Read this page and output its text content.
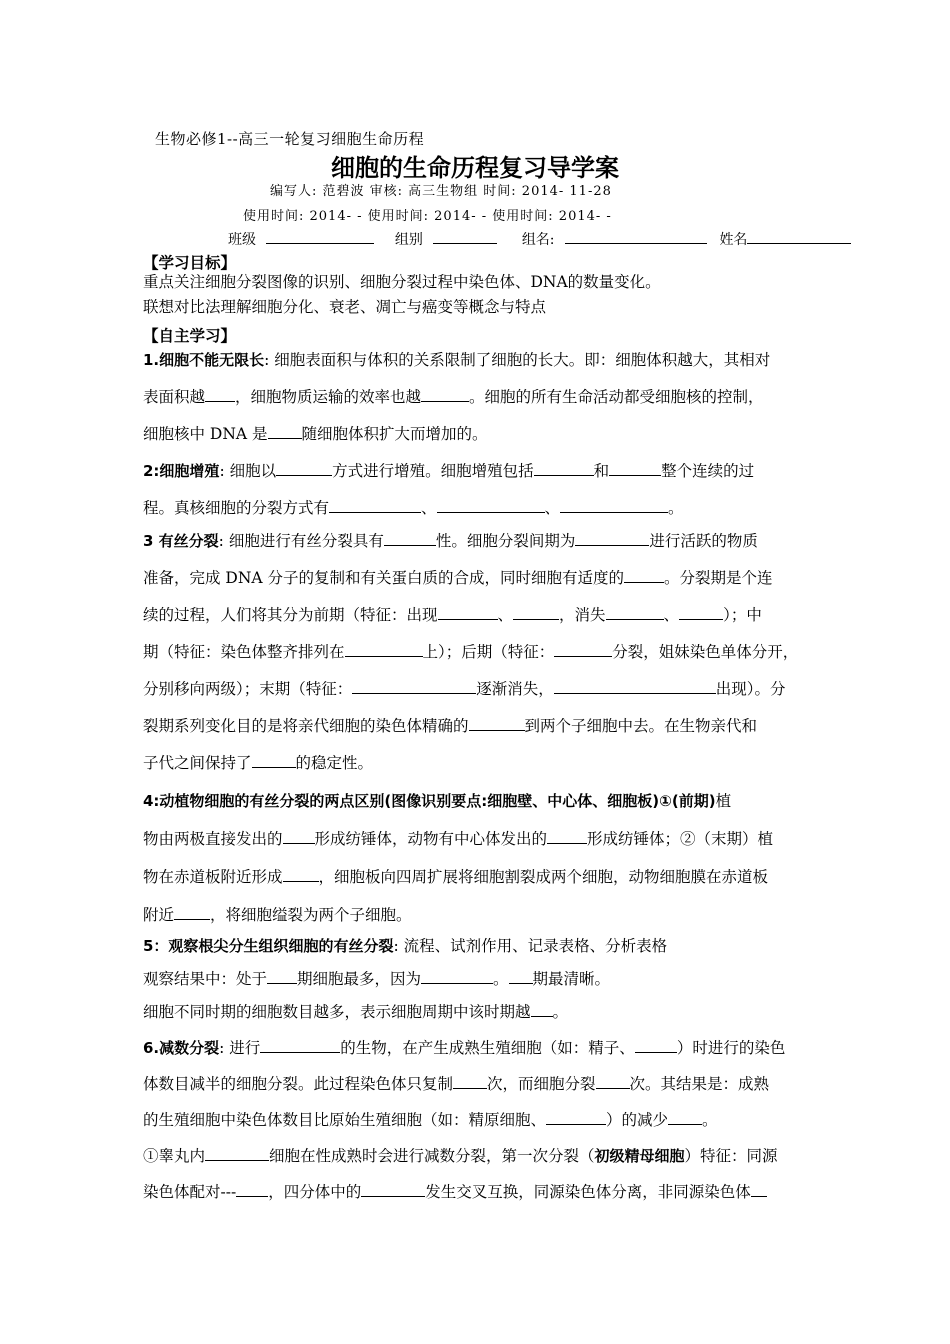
生物必修1--高三一轮复习细胞生命历程
细胞的生命历程复习导学案
编写人: 范碧波 审核: 高三生物组 时间: 2014- 11-28
使用时间: 2014- - 使用时间: 2014- - 使用时间: 2014- -
班级	组别	组名:	姓名
【学习目标】
重点关注细胞分裂图像的识别、细胞分裂过程中染色体、DNA的数量变化。
联想对比法理解细胞分化、衰老、凋亡与癌变等概念与特点
【自主学习】
1.细胞不能无限长: 细胞表面积与体积的关系限制了细胞的长大。即：细胞体积越大，其相对
表面积越 ，细胞物质运输的效率也越	。细胞的所有生命活动都受细胞核的控制，
细胞核中 DNA 是 随细胞体积扩大而增加的。
2:细胞增殖: 细胞以	方式进行增殖。细胞增殖包括	和	整个连续的过
程。真核细胞的分裂方式有	、	、	。
3 有丝分裂: 细胞进行有丝分裂具有	性。细胞分裂间期为	进行活跃的物质
准备，完成 DNA 分子的复制和有关蛋白质的合成，同时细胞有适度的	。分裂期是个连
续的过程，人们将其分为前期（特征：出现	、	，消失	、	）；中
期（特征：染色体整齐排列在	上）；后期（特征：	分裂，姐妹染色单体分开，
分别移向两级）；末期（特征：	逐渐消失，	出现）。分
裂期系列变化目的是将亲代细胞的染色体精确的	到两个子细胞中去。在生物亲代和
子代之间保持了	的稳定性。
4:动植物细胞的有丝分裂的两点区别(图像识别要点:细胞壁、中心体、细胞板)①(前期)植
物由两极直接发出的 形成纺锤体，动物有中心体发出的	形成纺锤体；②（末期）植
物在赤道板附近形成 ，细胞板向四周扩展将细胞割裂成两个细胞，动物细胞膜在赤道板
附近 ，将细胞缢裂为两个子细胞。
5：观察根尖分生组织细胞的有丝分裂: 流程、试剂作用、记录表格、分析表格
观察结果中：处于 期细胞最多，因为	。 期最清晰。
细胞不同时期的细胞数目越多，表示细胞周期中该时期越 。
6.减数分裂: 进行	的生物，在产生成熟生殖细胞（如：精子、	）时进行的染色
体数目减半的细胞分裂。此过程染色体只复制 次，而细胞分裂 次。其结果是：成熟
的生殖细胞中染色体数目比原始生殖细胞（如：精原细胞、	）的减少 。
①睾丸内	细胞在性成熟时会进行减数分裂，第一次分裂（初级精母细胞）特征：同源
染色体配对--- ，四分体中的	发生交叉互换，同源染色体分离，非同源染色体
